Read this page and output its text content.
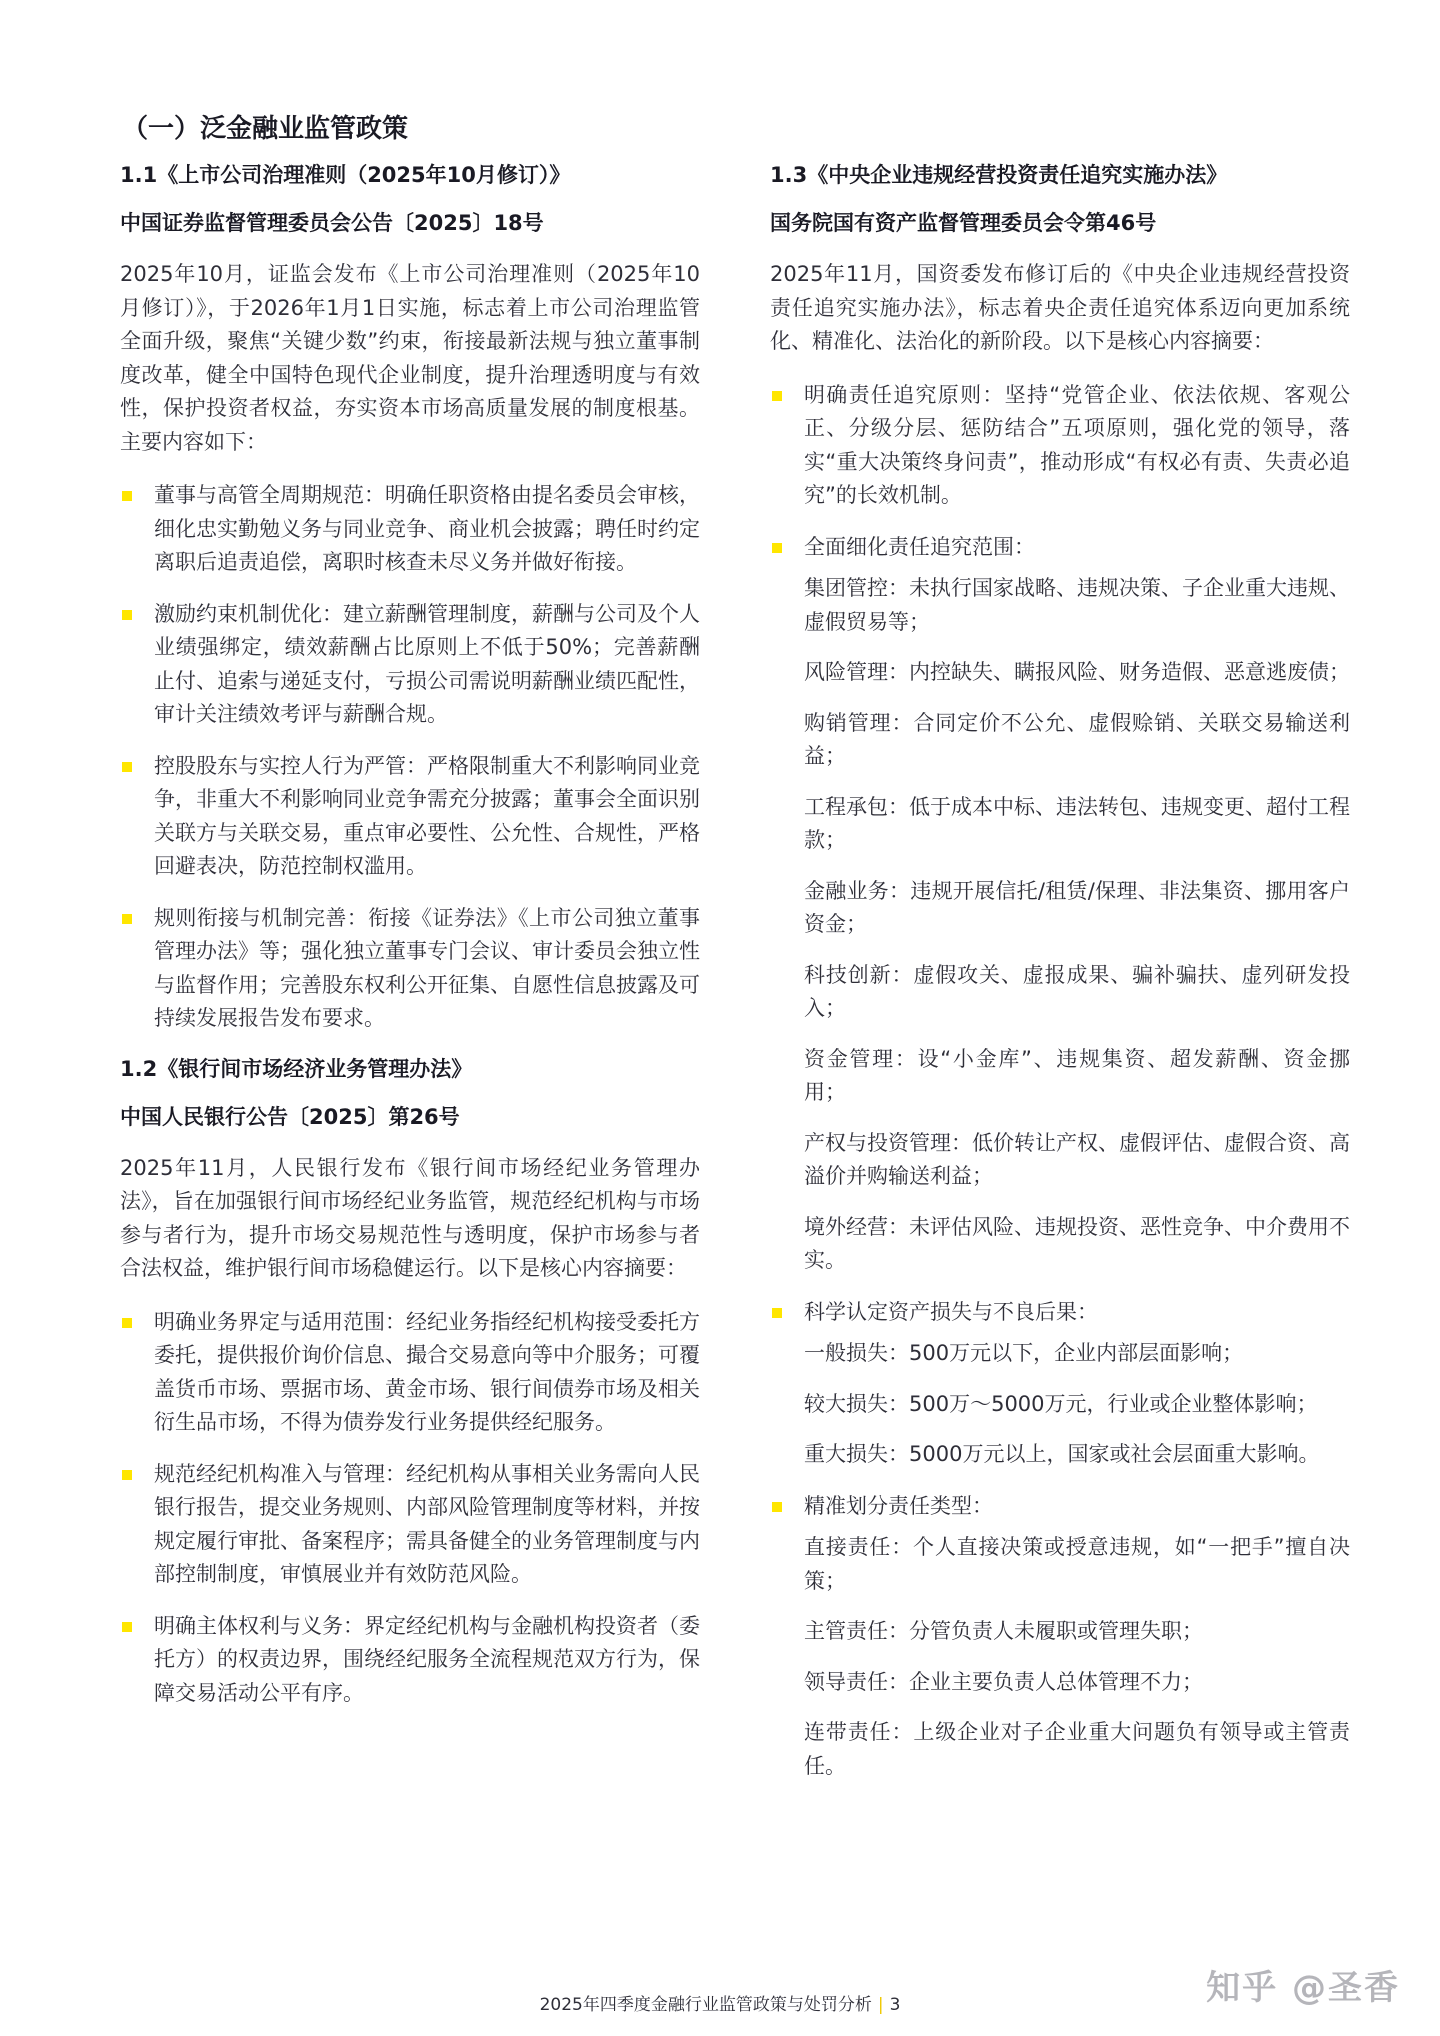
（一）泛金融业监管政策
1.1《上市公司治理准则（2025年10月修订）》
中国证券监督管理委员会公告〔2025〕18号

2025年10月，证监会发布《上市公司治理准则（2025年10月修订）》，于2026年1月1日实施，标志着上市公司治理监管全面升级，聚焦“关键少数”约束，衔接最新法规与独立董事制度改革，健全中国特色现代企业制度，提升治理透明度与有效性，保护投资者权益，夯实资本市场高质量发展的制度根基。主要内容如下：

董事与高管全周期规范：明确任职资格由提名委员会审核，细化忠实勤勉义务与同业竞争、商业机会披露；聘任时约定离职后追责追偿，离职时核查未尽义务并做好衔接。
激励约束机制优化：建立薪酬管理制度，薪酬与公司及个人业绩强绑定，绩效薪酬占比原则上不低于50%；完善薪酬止付、追索与递延支付，亏损公司需说明薪酬业绩匹配性，审计关注绩效考评与薪酬合规。
控股股东与实控人行为严管：严格限制重大不利影响同业竞争，非重大不利影响同业竞争需充分披露；董事会全面识别关联方与关联交易，重点审必要性、公允性、合规性，严格回避表决，防范控制权滥用。
规则衔接与机制完善：衔接《证券法》《上市公司独立董事管理办法》等；强化独立董事专门会议、审计委员会独立性与监督作用；完善股东权利公开征集、自愿性信息披露及可持续发展报告发布要求。
1.2《银行间市场经济业务管理办法》
中国人民银行公告〔2025〕第26号

2025年11月，人民银行发布《银行间市场经纪业务管理办法》，旨在加强银行间市场经纪业务监管，规范经纪机构与市场参与者行为，提升市场交易规范性与透明度，保护市场参与者合法权益，维护银行间市场稳健运行。以下是核心内容摘要：

明确业务界定与适用范围：经纪业务指经纪机构接受委托方委托，提供报价询价信息、撮合交易意向等中介服务；可覆盖货币市场、票据市场、黄金市场、银行间债券市场及相关衍生品市场，不得为债券发行业务提供经纪服务。
规范经纪机构准入与管理：经纪机构从事相关业务需向人民银行报告，提交业务规则、内部风险管理制度等材料，并按规定履行审批、备案程序；需具备健全的业务管理制度与内部控制制度，审慎展业并有效防范风险。
明确主体权利与义务：界定经纪机构与金融机构投资者（委托方）的权责边界，围绕经纪服务全流程规范双方行为，保障交易活动公平有序。
1.3《中央企业违规经营投资责任追究实施办法》
国务院国有资产监督管理委员会令第46号

2025年11月，国资委发布修订后的《中央企业违规经营投资责任追究实施办法》，标志着央企责任追究体系迈向更加系统化、精准化、法治化的新阶段。以下是核心内容摘要：

明确责任追究原则：坚持“党管企业、依法依规、客观公正、分级分层、惩防结合”五项原则，强化党的领导，落实“重大决策终身问责”，推动形成“有权必有责、失责必追究”的长效机制。
全面细化责任追究范围：
集团管控：未执行国家战略、违规决策、子企业重大违规、虚假贸易等；
风险管理：内控缺失、瞒报风险、财务造假、恶意逃废债；
购销管理：合同定价不公允、虚假赊销、关联交易输送利益；
工程承包：低于成本中标、违法转包、违规变更、超付工程款；
金融业务：违规开展信托/租赁/保理、非法集资、挪用客户资金；
科技创新：虚假攻关、虚报成果、骗补骗扶、虚列研发投入；
资金管理：设“小金库”、违规集资、超发薪酬、资金挪用；
产权与投资管理：低价转让产权、虚假评估、虚假合资、高溢价并购输送利益；
境外经营：未评估风险、违规投资、恶性竞争、中介费用不实。
科学认定资产损失与不良后果：
一般损失：500万元以下，企业内部层面影响；
较大损失：500万～5000万元，行业或企业整体影响；
重大损失：5000万元以上，国家或社会层面重大影响。
精准划分责任类型：
直接责任：个人直接决策或授意违规，如“一把手”擅自决策；
主管责任：分管负责人未履职或管理失职；
领导责任：企业主要负责人总体管理不力；
连带责任：上级企业对子企业重大问题负有领导或主管责任。
2025年四季度金融行业监管政策与处罚分析 | 3	知乎 @圣香
